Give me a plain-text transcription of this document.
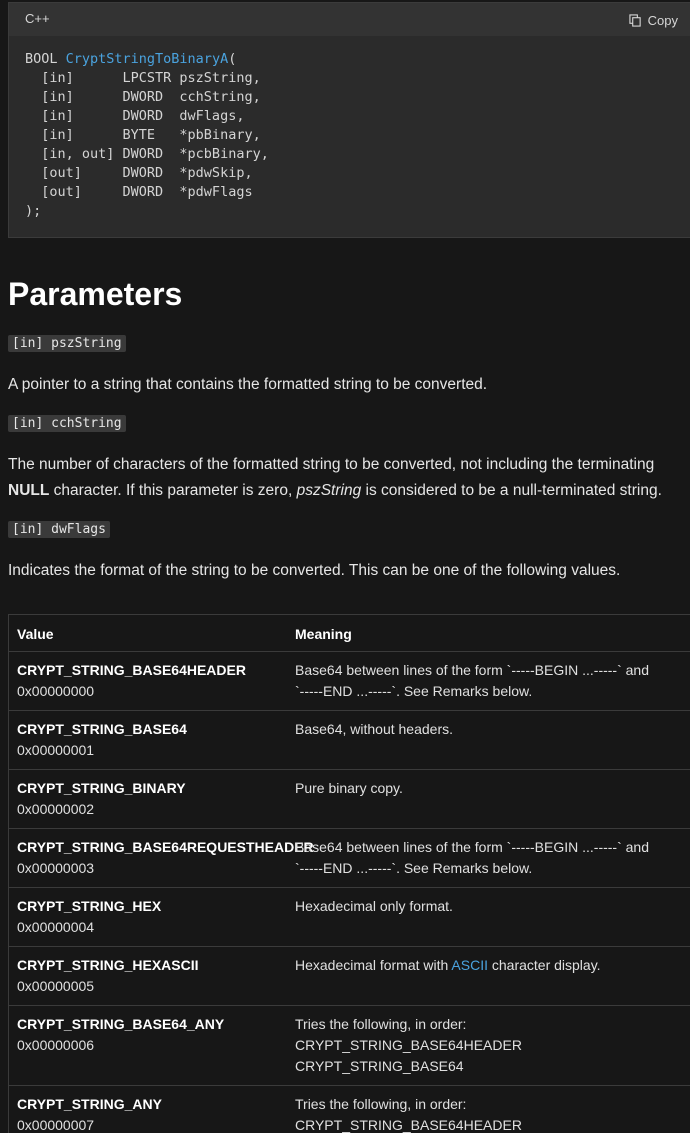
C++	Copy
BOOL CryptStringToBinaryA(
[in]      LPCSTR pszString,
[in]      DWORD  cchString,
[in]      DWORD  dwFlags,
[in]      BYTE   *pbBinary,
[in, out] DWORD  *pcbBinary,
[out]     DWORD  *pdwSkip,
[out]     DWORD  *pdwFlags
);
Parameters
[in] pszString

A pointer to a string that contains the formatted string to be converted.

[in] cchString

The number of characters of the formatted string to be converted, not including the terminating NULL character. If this parameter is zero, pszString is considered to be a null-terminated string.

[in] dwFlags

Indicates the format of the string to be converted. This can be one of the following values.

Value	Meaning
CRYPT_STRING_BASE64HEADER
0x00000000
Base64 between lines of the form `-----BEGIN ...-----` and
`-----END ...-----`. See Remarks below.
CRYPT_STRING_BASE64
0x00000001
Base64, without headers.
CRYPT_STRING_BINARY
0x00000002
Pure binary copy.
CRYPT_STRING_BASE64REQUESTHEADER
0x00000003
Base64 between lines of the form `-----BEGIN ...-----` and
`-----END ...-----`. See Remarks below.
CRYPT_STRING_HEX
0x00000004
Hexadecimal only format.
CRYPT_STRING_HEXASCII
0x00000005
Hexadecimal format with ASCII character display.
CRYPT_STRING_BASE64_ANY
0x00000006
Tries the following, in order:
CRYPT_STRING_BASE64HEADER
CRYPT_STRING_BASE64
CRYPT_STRING_ANY
0x00000007
Tries the following, in order:
CRYPT_STRING_BASE64HEADER
